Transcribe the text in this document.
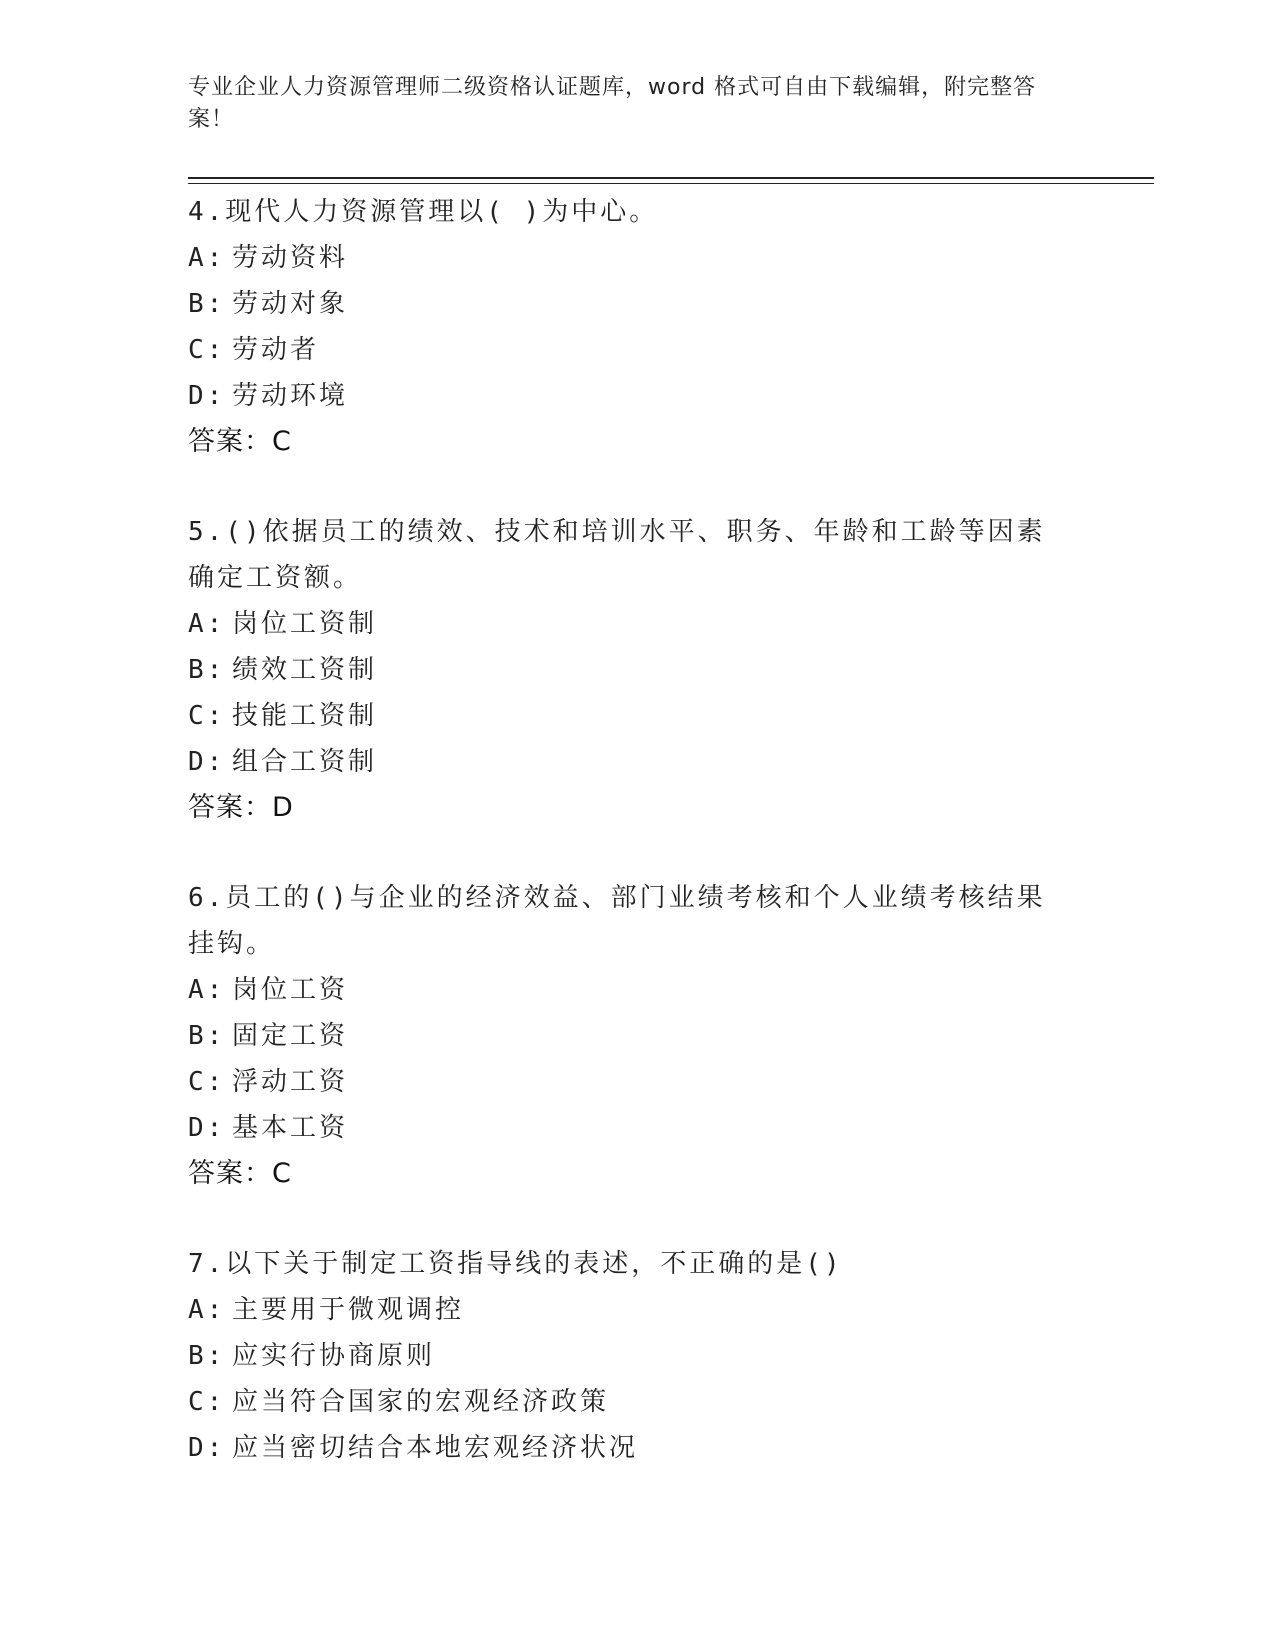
专业企业人力资源管理师二级资格认证题库，word 格式可自由下载编辑，附完整答案！
4.现代人力资源管理以( )为中心。
A: 劳动资料
B: 劳动对象
C: 劳动者
D: 劳动环境
答案：C
5.()依据员工的绩效、技术和培训水平、职务、年龄和工龄等因素确定工资额。
A: 岗位工资制
B: 绩效工资制
C: 技能工资制
D: 组合工资制
答案：D
6.员工的()与企业的经济效益、部门业绩考核和个人业绩考核结果挂钩。
A: 岗位工资
B: 固定工资
C: 浮动工资
D: 基本工资
答案：C
7.以下关于制定工资指导线的表述，不正确的是()
A: 主要用于微观调控
B: 应实行协商原则
C: 应当符合国家的宏观经济政策
D: 应当密切结合本地宏观经济状况
